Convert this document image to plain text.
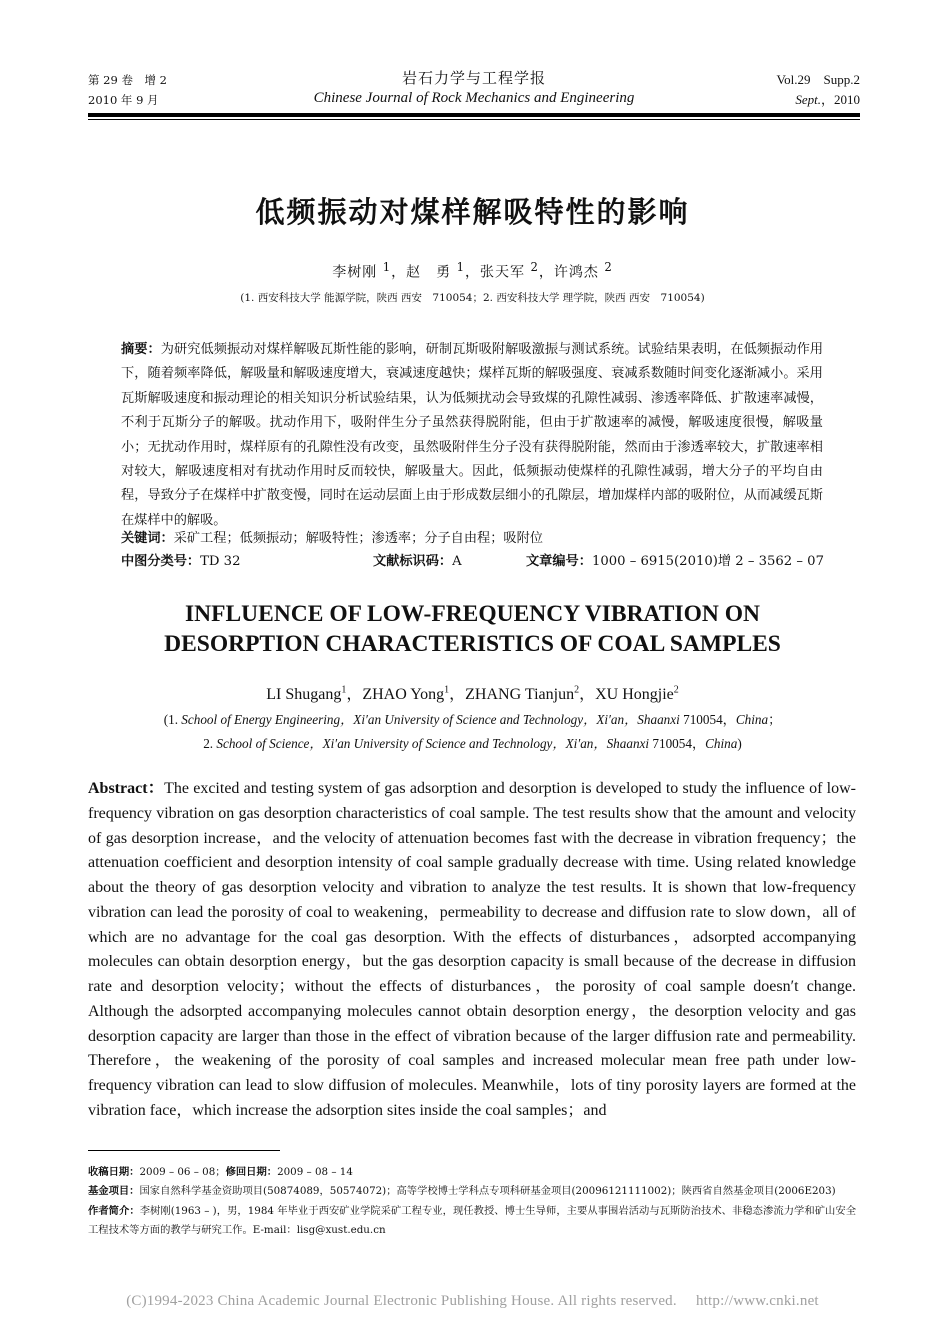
第 29 卷　增 2
2010 年 9 月
岩石力学与工程学报
Chinese Journal of Rock Mechanics and Engineering
Vol.29　Supp.2
Sept.，2010
低频振动对煤样解吸特性的影响
李树刚 $^1$，赵　勇 $^1$，张天军 $^2$，许鸿杰 $^2$
(1. 西安科技大学 能源学院，陕西 西安　710054；2. 西安科技大学 理学院，陕西 西安　710054)
摘要：为研究低频振动对煤样解吸瓦斯性能的影响，研制瓦斯吸附解吸激振与测试系统。试验结果表明，在低频振动作用下，随着频率降低，解吸量和解吸速度增大，衰减速度越快；煤样瓦斯的解吸强度、衰减系数随时间变化逐渐减小。采用瓦斯解吸速度和振动理论的相关知识分析试验结果，认为低频扰动会导致煤的孔隙性减弱、渗透率降低、扩散速率减慢，不利于瓦斯分子的解吸。扰动作用下，吸附伴生分子虽然获得脱附能，但由于扩散速率的减慢，解吸速度很慢，解吸量小；无扰动作用时，煤样原有的孔隙性没有改变，虽然吸附伴生分子没有获得脱附能，然而由于渗透率较大，扩散速率相对较大，解吸速度相对有扰动作用时反而较快，解吸量大。因此，低频振动使煤样的孔隙性减弱，增大分子的平均自由程，导致分子在煤样中扩散变慢，同时在运动层面上由于形成数层细小的孔隙层，增加煤样内部的吸附位，从而减缓瓦斯在煤样中的解吸。
关键词：采矿工程；低频振动；解吸特性；渗透率；分子自由程；吸附位
中图分类号：TD 32	文献标识码：A	文章编号：1000 – 6915(2010)增 2 – 3562 – 07
INFLUENCE OF LOW-FREQUENCY VIBRATION ON
DESORPTION CHARACTERISTICS OF COAL SAMPLES
LI Shugang$^1$，ZHAO Yong$^1$，ZHANG Tianjun$^2$，XU Hongjie$^2$
(1. School of Energy Engineering，Xi′an University of Science and Technology，Xi′an，Shaanxi 710054，China；
2. School of Science，Xi′an University of Science and Technology，Xi′an，Shaanxi 710054，China)
Abstract：The excited and testing system of gas adsorption and desorption is developed to study the influence of low-frequency vibration on gas desorption characteristics of coal sample. The test results show that the amount and velocity of gas desorption increase，and the velocity of attenuation becomes fast with the decrease in vibration frequency；the attenuation coefficient and desorption intensity of coal sample gradually decrease with time. Using related knowledge about the theory of gas desorption velocity and vibration to analyze the test results. It is shown that low-frequency vibration can lead the porosity of coal to weakening，permeability to decrease and diffusion rate to slow down，all of which are no advantage for the coal gas desorption. With the effects of disturbances，adsorpted accompanying molecules can obtain desorption energy，but the gas desorption capacity is small because of the decrease in diffusion rate and desorption velocity；without the effects of disturbances，the porosity of coal sample doesn′t change. Although the adsorpted accompanying molecules cannot obtain desorption energy，the desorption velocity and gas desorption capacity are larger than those in the effect of vibration because of the larger diffusion rate and permeability. Therefore，the weakening of the porosity of coal samples and increased molecular mean free path under low-frequency vibration can lead to slow diffusion of molecules. Meanwhile，lots of tiny porosity layers are formed at the vibration face，which increase the adsorption sites inside the coal samples；and
收稿日期：2009 – 06 – 08；修回日期：2009 – 08 – 14
基金项目：国家自然科学基金资助项目(50874089，50574072)；高等学校博士学科点专项科研基金项目(20096121111002)；陕西省自然基金项目(2006E203)
作者简介：李树刚(1963 – )，男，1984 年毕业于西安矿业学院采矿工程专业，现任教授、博士生导师，主要从事围岩活动与瓦斯防治技术、非稳态渗流力学和矿山安全工程技术等方面的教学与研究工作。E-mail：lisg@xust.edu.cn
(C)1994-2023 China Academic Journal Electronic Publishing House. All rights reserved.　 http://www.cnki.net
